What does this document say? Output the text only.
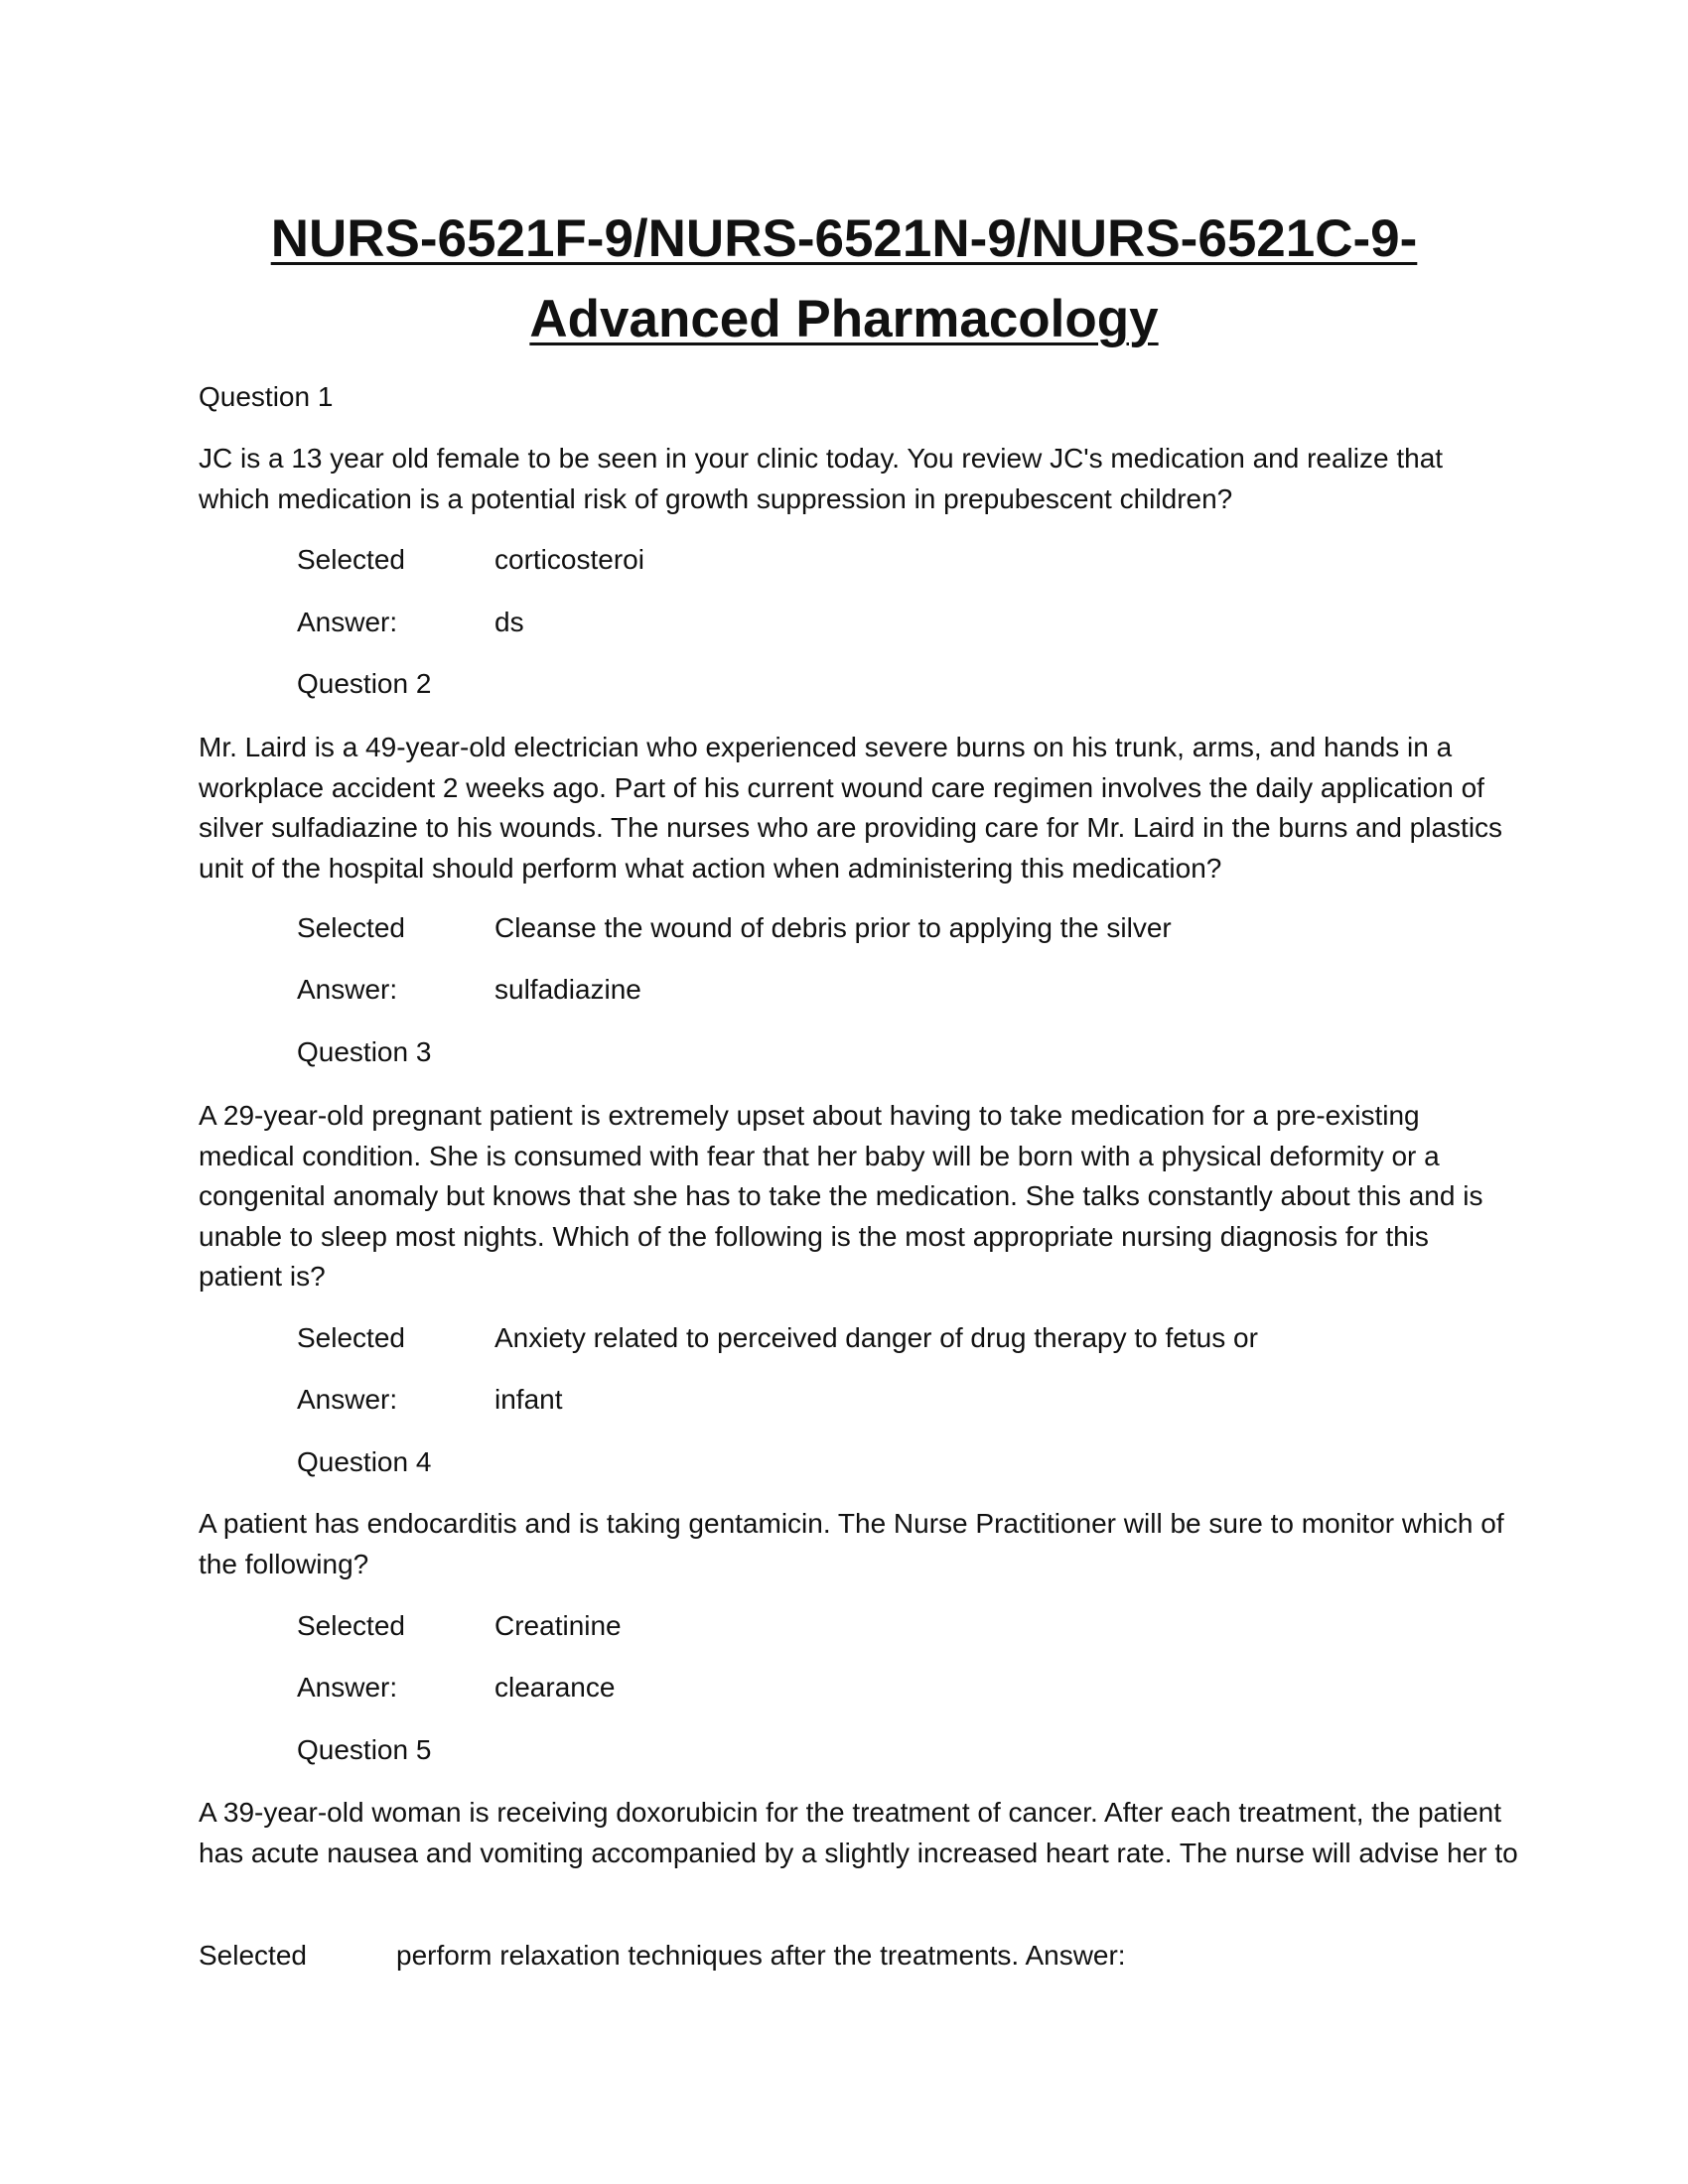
NURS-6521F-9/NURS-6521N-9/NURS-6521C-9-
Advanced Pharmacology

Question 1

JC is a 13 year old female to be seen in your clinic today. You review JC's medication and realize that which medication is a potential risk of growth suppression in prepubescent children?

Selected	corticosteroi

Answer:	ds

Question 2

Mr. Laird is a 49-year-old electrician who experienced severe burns on his trunk, arms, and hands in a workplace accident 2 weeks ago. Part of his current wound care regimen involves the daily application of silver sulfadiazine to his wounds. The nurses who are providing care for Mr. Laird in the burns and plastics unit of the hospital should perform what action when administering this medication?

Selected	Cleanse the wound of debris prior to applying the silver

Answer:	sulfadiazine

Question 3

A 29-year-old pregnant patient is extremely upset about having to take medication for a pre-existing medical condition. She is consumed with fear that her baby will be born with a physical deformity or a congenital anomaly but knows that she has to take the medication. She talks constantly about this and is unable to sleep most nights. Which of the following is the most appropriate nursing diagnosis for this patient is?

Selected	Anxiety related to perceived danger of drug therapy to fetus or

Answer:	infant

Question 4

A patient has endocarditis and is taking gentamicin. The Nurse Practitioner will be sure to monitor which of the following?

Selected	Creatinine

Answer:	clearance

Question 5

A 39-year-old woman is receiving doxorubicin for the treatment of cancer. After each treatment, the patient has acute nausea and vomiting accompanied by a slightly increased heart rate. The nurse will advise her to

Selected	perform relaxation techniques after the treatments. Answer:
